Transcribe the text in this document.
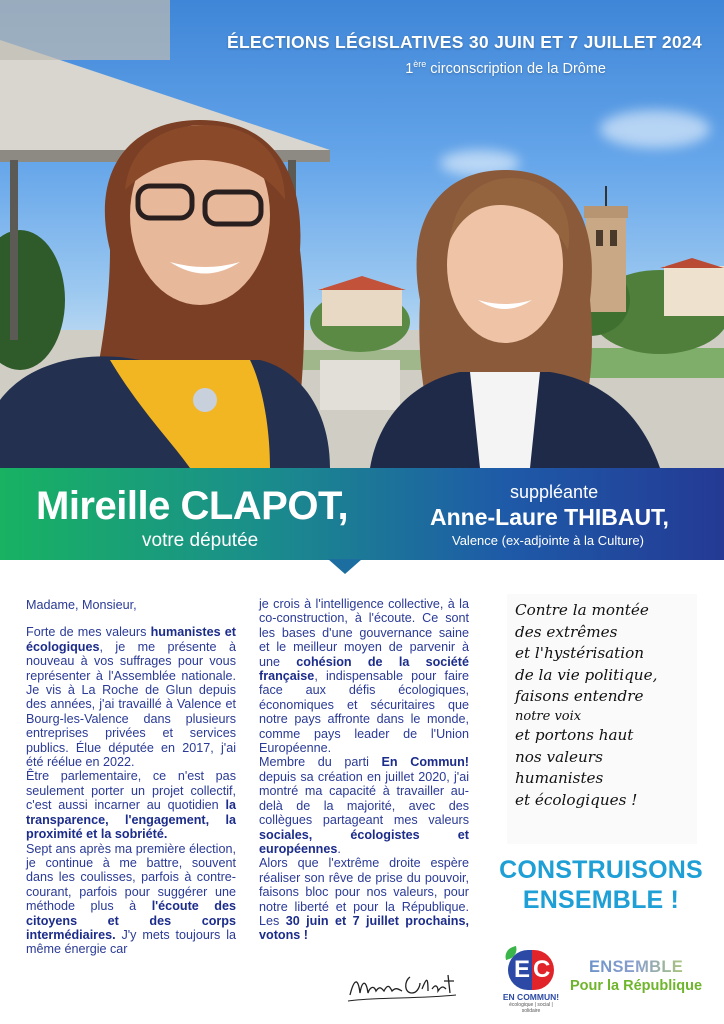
ÉLECTIONS LÉGISLATIVES 30 JUIN ET 7 JUILLET 2024
1ère circonscription de la Drôme
Mireille CLAPOT,
votre députée
suppléante
Anne-Laure THIBAUT,
Valence (ex-adjointe à la Culture)

Madame, Monsieur,

Forte de mes valeurs humanistes et écologiques, je me présente à nouveau à vos suffrages pour vous représenter à l'Assemblée nationale. Je vis à La Roche de Glun depuis des années, j'ai travaillé à Valence et Bourg-les-Valence dans plusieurs entreprises privées et services publics. Élue députée en 2017, j'ai été réélue en 2022.

Être parlementaire, ce n'est pas seulement porter un projet collectif, c'est aussi incarner au quotidien la transparence, l'engagement, la proximité et la sobriété.

Sept ans après ma première élection, je continue à me battre, souvent dans les coulisses, parfois à contre-courant, parfois pour suggérer une méthode plus à l'écoute des citoyens et des corps intermédiaires. J'y mets toujours la même énergie car

je crois à l'intelligence collective, à la co-construction, à l'écoute. Ce sont les bases d'une gouvernance saine et le meilleur moyen de parvenir à une cohésion de la société française, indispensable pour faire face aux défis écologiques, économiques et sécuritaires que notre pays affronte dans le monde, comme pays leader de l'Union Européenne.

Membre du parti En Commun! depuis sa création en juillet 2020, j'ai montré ma capacité à travailler au-delà de la majorité, avec des collègues partageant mes valeurs sociales, écologistes et européennes.

Alors que l'extrême droite espère réaliser son rêve de prise du pouvoir, faisons bloc pour nos valeurs, pour notre liberté et pour la République. Les 30 juin et 7 juillet prochains, votons !

Contre la montée
des extrêmes
et l'hystérisation
de la vie politique,
faisons entendre
notre voix
et portons haut
nos valeurs
humanistes
et écologiques !
CONSTRUISONS
ENSEMBLE !
E C
EN COMMUN!
écologique | social | solidaire
ENSEMBLE
Pour la République
